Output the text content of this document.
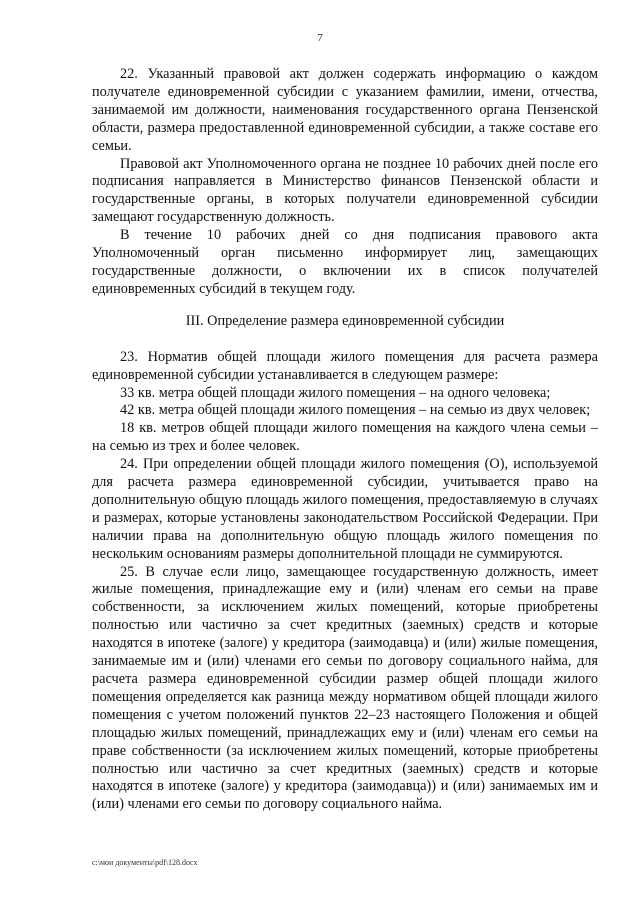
7

22. Указанный правовой акт должен содержать информацию о каждом получателе единовременной субсидии с указанием фамилии, имени, отчества, занимаемой им должности, наименования государственного органа Пензенской области, размера предоставленной единовременной субсидии, а также составе его семьи.

Правовой акт Уполномоченного органа не позднее 10 рабочих дней после его подписания направляется в Министерство финансов Пензенской области и государственные органы, в которых получатели единовременной субсидии замещают государственную должность.

В течение 10 рабочих дней со дня подписания правового акта Уполномоченный орган письменно информирует лиц, замещающих государственные должности, о включении их в список получателей единовременных субсидий в текущем году.

III. Определение размера единовременной субсидии

23. Норматив общей площади жилого помещения для расчета размера единовременной субсидии устанавливается в следующем размере:

33 кв. метра общей площади жилого помещения – на одного человека;

42 кв. метра общей площади жилого помещения – на семью из двух человек;

18 кв. метров общей площади жилого помещения на каждого члена семьи – на семью из трех и более человек.

24. При определении общей площади жилого помещения (О), используемой для расчета размера единовременной субсидии, учитывается право на дополнительную общую площадь жилого помещения, предоставляемую в случаях и размерах, которые установлены законодательством Российской Федерации. При наличии права на дополнительную общую площадь жилого помещения по нескольким основаниям размеры дополнительной площади не суммируются.

25. В случае если лицо, замещающее государственную должность, имеет жилые помещения, принадлежащие ему и (или) членам его семьи на праве собственности, за исключением жилых помещений, которые приобретены полностью или частично за счет кредитных (заемных) средств и которые находятся в ипотеке (залоге) у кредитора (заимодавца) и (или) жилые помещения, занимаемые им и (или) членами его семьи по договору социального найма, для расчета размера единовременной субсидии размер общей площади жилого помещения определяется как разница между нормативом общей площади жилого помещения с учетом положений пунктов 22–23 настоящего Положения и общей площадью жилых помещений, принадлежащих ему и (или) членам его семьи на праве собственности (за исключением жилых помещений, которые приобретены полностью или частично за счет кредитных (заемных) средств и которые находятся в ипотеке (залоге) у кредитора (заимодавца)) и (или) занимаемых им и (или) членами его семьи по договору социального найма.

c:\мои документы\pdf\128.docx
